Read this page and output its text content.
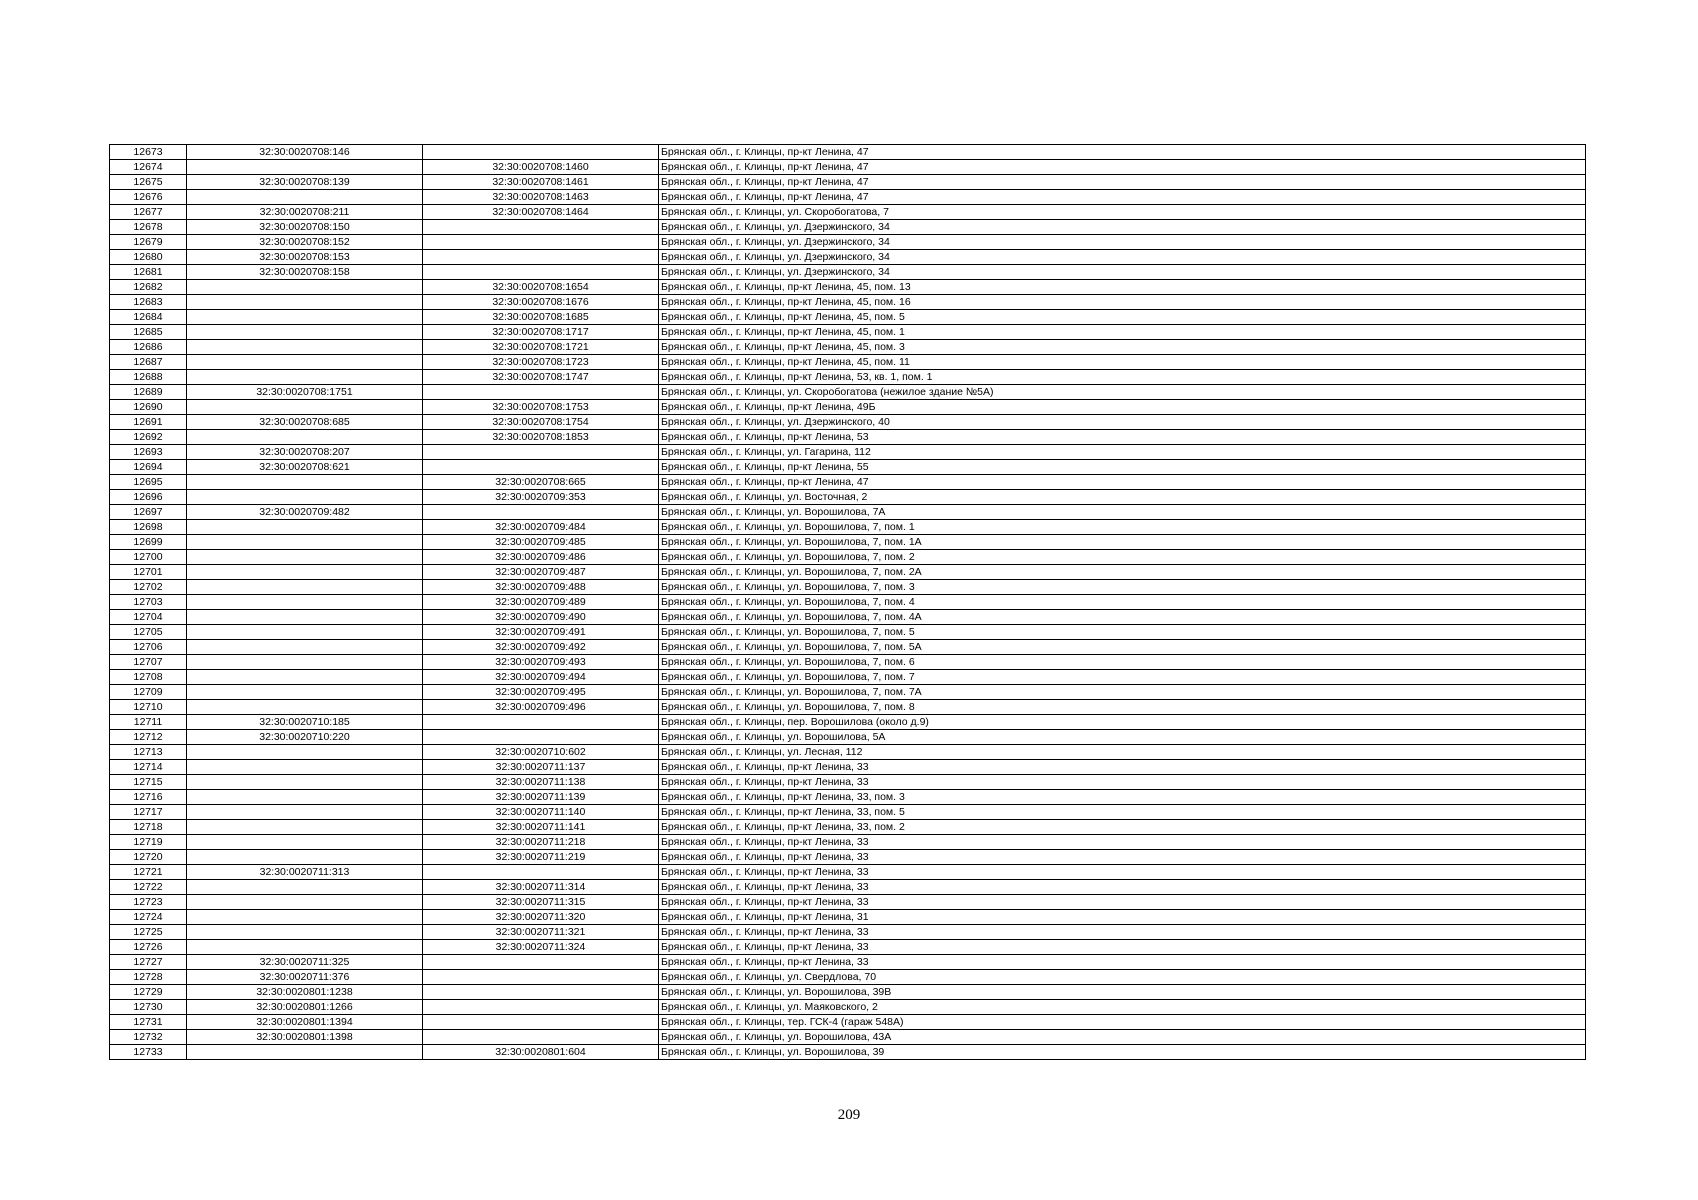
12673	32:30:0020708:146		Брянская обл., г. Клинцы, пр-кт Ленина, 47
12674		32:30:0020708:1460	Брянская обл., г. Клинцы, пр-кт Ленина, 47
12675	32:30:0020708:139	32:30:0020708:1461	Брянская обл., г. Клинцы, пр-кт Ленина, 47
12676		32:30:0020708:1463	Брянская обл., г. Клинцы, пр-кт Ленина, 47
12677	32:30:0020708:211	32:30:0020708:1464	Брянская обл., г. Клинцы, ул. Скоробогатова, 7
12678	32:30:0020708:150		Брянская обл., г. Клинцы, ул. Дзержинского, 34
12679	32:30:0020708:152		Брянская обл., г. Клинцы, ул. Дзержинского, 34
12680	32:30:0020708:153		Брянская обл., г. Клинцы, ул. Дзержинского, 34
12681	32:30:0020708:158		Брянская обл., г. Клинцы, ул. Дзержинского, 34
12682		32:30:0020708:1654	Брянская обл., г. Клинцы, пр-кт Ленина, 45, пом. 13
12683		32:30:0020708:1676	Брянская обл., г. Клинцы, пр-кт Ленина, 45, пом. 16
12684		32:30:0020708:1685	Брянская обл., г. Клинцы, пр-кт Ленина, 45, пом. 5
12685		32:30:0020708:1717	Брянская обл., г. Клинцы, пр-кт Ленина, 45, пом. 1
12686		32:30:0020708:1721	Брянская обл., г. Клинцы, пр-кт Ленина, 45, пом. 3
12687		32:30:0020708:1723	Брянская обл., г. Клинцы, пр-кт Ленина, 45, пом. 11
12688		32:30:0020708:1747	Брянская обл., г. Клинцы, пр-кт Ленина, 53, кв. 1, пом. 1
12689	32:30:0020708:1751		Брянская обл., г. Клинцы, ул. Скоробогатова (нежилое здание №5А)
12690		32:30:0020708:1753	Брянская обл., г. Клинцы, пр-кт Ленина, 49Б
12691	32:30:0020708:685	32:30:0020708:1754	Брянская обл., г. Клинцы, ул. Дзержинского, 40
12692		32:30:0020708:1853	Брянская обл., г. Клинцы, пр-кт Ленина, 53
12693	32:30:0020708:207		Брянская обл., г. Клинцы, ул. Гагарина, 112
12694	32:30:0020708:621		Брянская обл., г. Клинцы, пр-кт Ленина, 55
12695		32:30:0020708:665	Брянская обл., г. Клинцы, пр-кт Ленина, 47
12696		32:30:0020709:353	Брянская обл., г. Клинцы, ул. Восточная, 2
12697	32:30:0020709:482		Брянская обл., г. Клинцы, ул. Ворошилова, 7А
12698		32:30:0020709:484	Брянская обл., г. Клинцы, ул. Ворошилова, 7, пом. 1
12699		32:30:0020709:485	Брянская обл., г. Клинцы, ул. Ворошилова, 7, пом. 1А
12700		32:30:0020709:486	Брянская обл., г. Клинцы, ул. Ворошилова, 7, пом. 2
12701		32:30:0020709:487	Брянская обл., г. Клинцы, ул. Ворошилова, 7, пом. 2А
12702		32:30:0020709:488	Брянская обл., г. Клинцы, ул. Ворошилова, 7, пом. 3
12703		32:30:0020709:489	Брянская обл., г. Клинцы, ул. Ворошилова, 7, пом. 4
12704		32:30:0020709:490	Брянская обл., г. Клинцы, ул. Ворошилова, 7, пом. 4А
12705		32:30:0020709:491	Брянская обл., г. Клинцы, ул. Ворошилова, 7, пом. 5
12706		32:30:0020709:492	Брянская обл., г. Клинцы, ул. Ворошилова, 7, пом. 5А
12707		32:30:0020709:493	Брянская обл., г. Клинцы, ул. Ворошилова, 7, пом. 6
12708		32:30:0020709:494	Брянская обл., г. Клинцы, ул. Ворошилова, 7, пом. 7
12709		32:30:0020709:495	Брянская обл., г. Клинцы, ул. Ворошилова, 7, пом. 7А
12710		32:30:0020709:496	Брянская обл., г. Клинцы, ул. Ворошилова, 7, пом. 8
12711	32:30:0020710:185		Брянская обл., г. Клинцы, пер. Ворошилова (около д.9)
12712	32:30:0020710:220		Брянская обл., г. Клинцы, ул. Ворошилова, 5А
12713		32:30:0020710:602	Брянская обл., г. Клинцы, ул. Лесная, 112
12714		32:30:0020711:137	Брянская обл., г. Клинцы, пр-кт Ленина, 33
12715		32:30:0020711:138	Брянская обл., г. Клинцы, пр-кт Ленина, 33
12716		32:30:0020711:139	Брянская обл., г. Клинцы, пр-кт Ленина, 33, пом. 3
12717		32:30:0020711:140	Брянская обл., г. Клинцы, пр-кт Ленина, 33, пом. 5
12718		32:30:0020711:141	Брянская обл., г. Клинцы, пр-кт Ленина, 33, пом. 2
12719		32:30:0020711:218	Брянская обл., г. Клинцы, пр-кт Ленина, 33
12720		32:30:0020711:219	Брянская обл., г. Клинцы, пр-кт Ленина, 33
12721	32:30:0020711:313		Брянская обл., г. Клинцы, пр-кт Ленина, 33
12722		32:30:0020711:314	Брянская обл., г. Клинцы, пр-кт Ленина, 33
12723		32:30:0020711:315	Брянская обл., г. Клинцы, пр-кт Ленина, 33
12724		32:30:0020711:320	Брянская обл., г. Клинцы, пр-кт Ленина, 31
12725		32:30:0020711:321	Брянская обл., г. Клинцы, пр-кт Ленина, 33
12726		32:30:0020711:324	Брянская обл., г. Клинцы, пр-кт Ленина, 33
12727	32:30:0020711:325		Брянская обл., г. Клинцы, пр-кт Ленина, 33
12728	32:30:0020711:376		Брянская обл., г. Клинцы, ул. Свердлова, 70
12729	32:30:0020801:1238		Брянская обл., г. Клинцы, ул. Ворошилова, 39В
12730	32:30:0020801:1266		Брянская обл., г. Клинцы, ул. Маяковского, 2
12731	32:30:0020801:1394		Брянская обл., г. Клинцы, тер. ГСК-4 (гараж 548А)
12732	32:30:0020801:1398		Брянская обл., г. Клинцы, ул. Ворошилова, 43А
12733		32:30:0020801:604	Брянская обл., г. Клинцы, ул. Ворошилова, 39
209
